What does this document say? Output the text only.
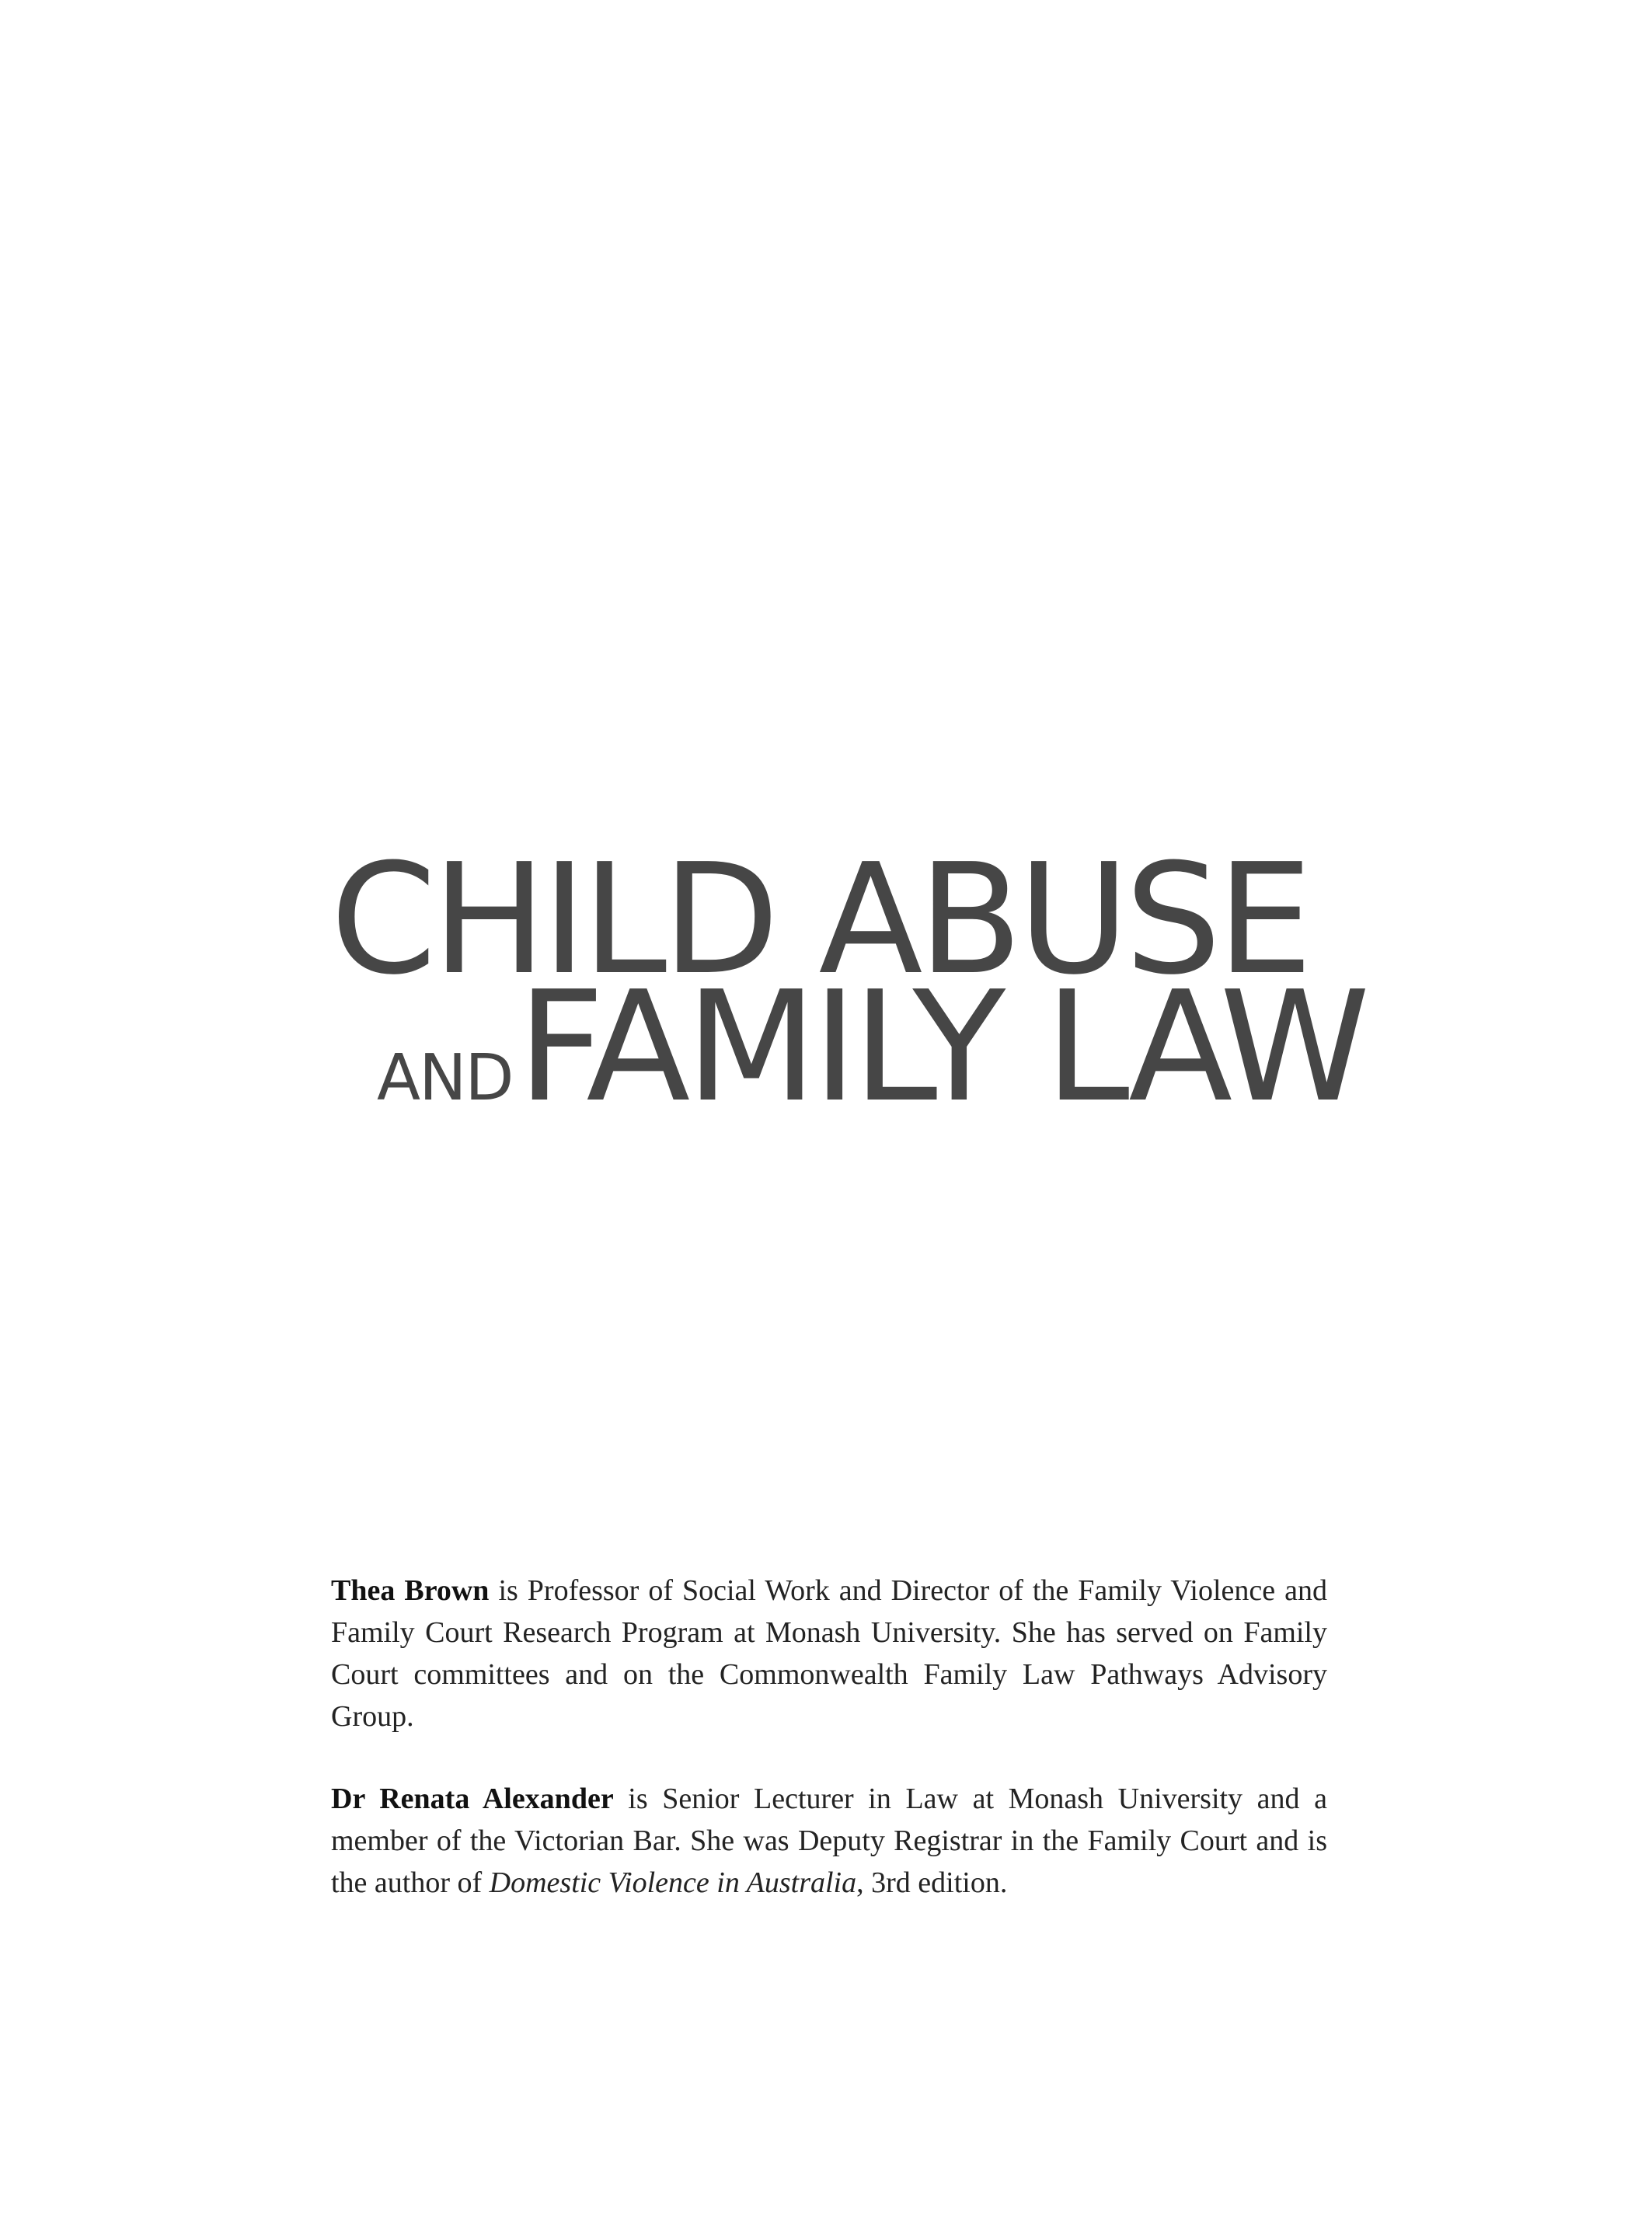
CHILD ABUSE
ANDFAMILY LAW

Thea Brown is Professor of Social Work and Director of the Family Violence and Family Court Research Program at Monash University. She has served on Family Court committees and on the Commonwealth Family Law Pathways Advisory Group.

Dr Renata Alexander is Senior Lecturer in Law at Monash University and a member of the Victorian Bar. She was Deputy Registrar in the Family Court and is the author of Domestic Violence in Australia, 3rd edition.
